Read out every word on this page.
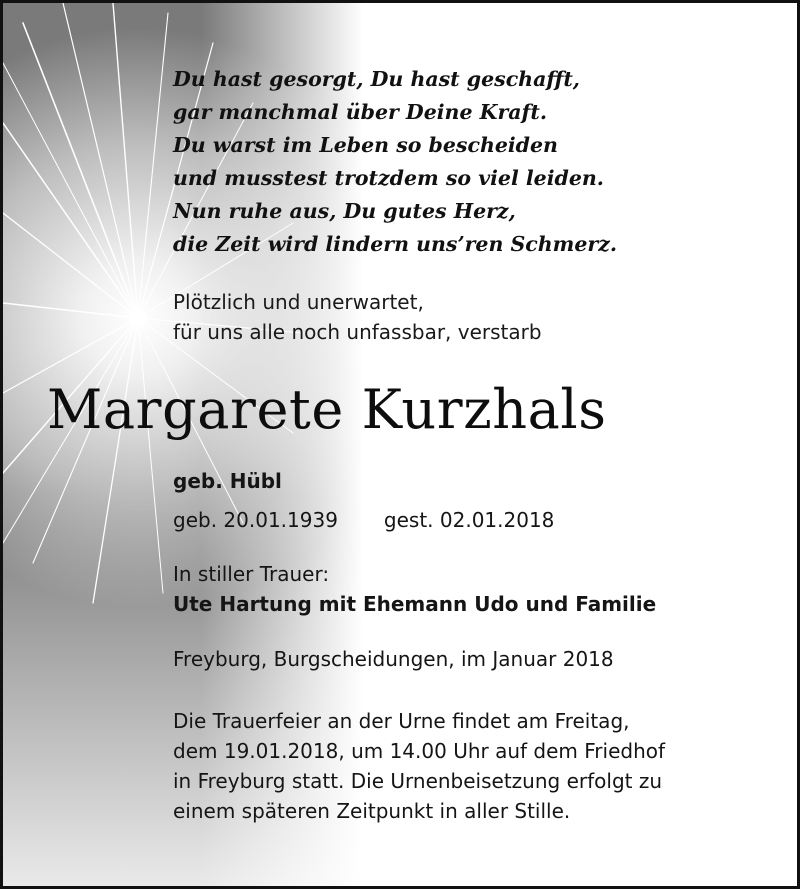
Du hast gesorgt, Du hast geschafft,
gar manchmal über Deine Kraft.
Du warst im Leben so bescheiden
und musstest trotzdem so viel leiden.
Nun ruhe aus, Du gutes Herz,
die Zeit wird lindern uns’ren Schmerz.

Plötzlich und unerwartet,
für uns alle noch unfassbar, verstarb
Margarete Kurzhals
geb. Hübl
geb. 20.01.1939 gest. 02.01.2018
In stiller Trauer:
Ute Hartung mit Ehemann Udo und Familie
Freyburg, Burgscheidungen, im Januar 2018
Die Trauerfeier an der Urne findet am Freitag,
dem 19.01.2018, um 14.00 Uhr auf dem Friedhof
in Freyburg statt. Die Urnenbeisetzung erfolgt zu
einem späteren Zeitpunkt in aller Stille.
